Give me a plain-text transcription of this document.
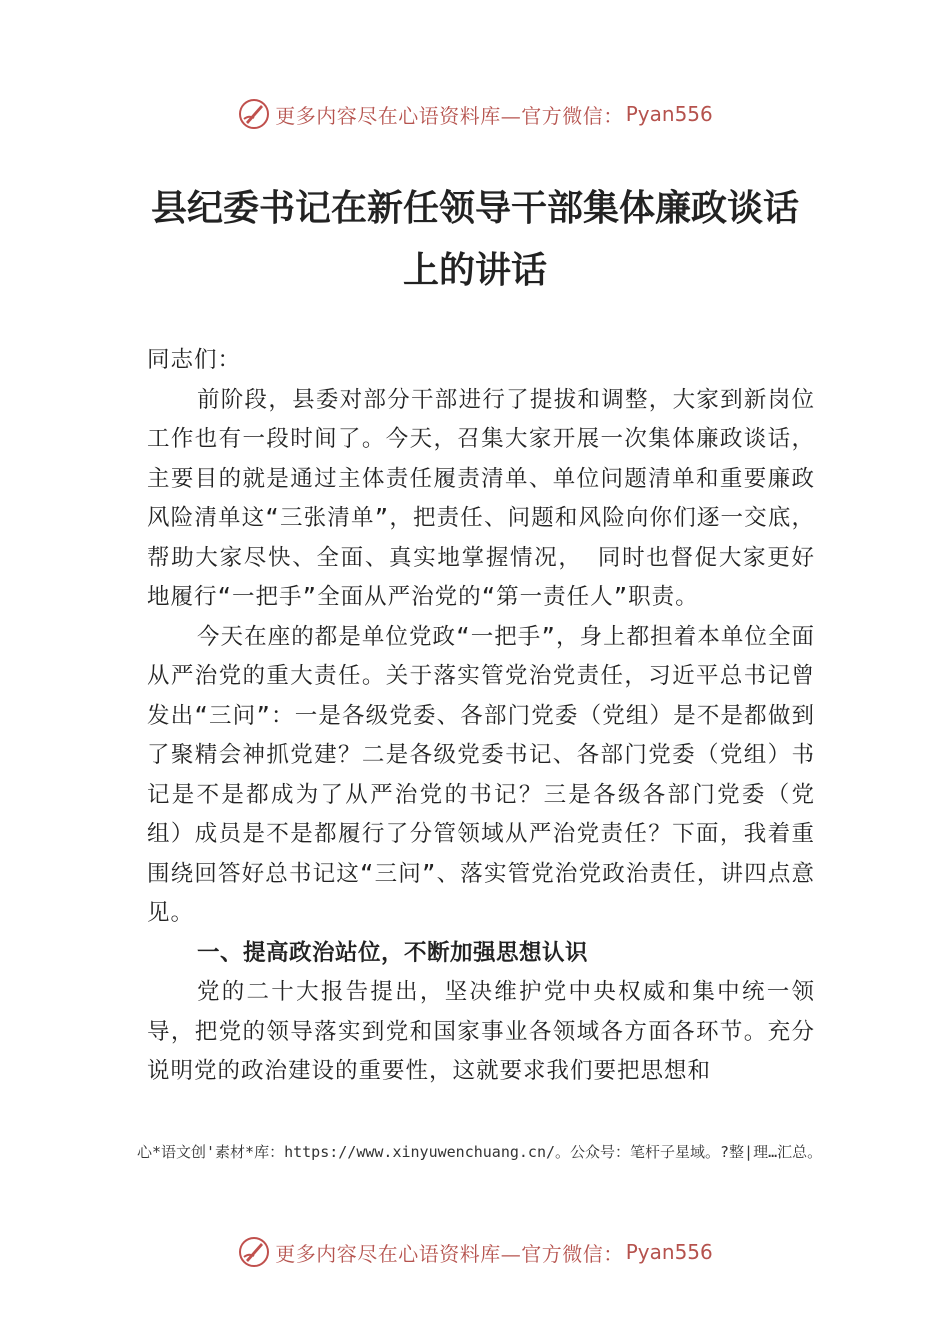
更多内容尽在心语资料库—官方微信： Pyan556
县纪委书记在新任领导干部集体廉政谈话
上的讲话

同志们：

前阶段，县委对部分干部进行了提拔和调整，大家到新岗位工作也有一段时间了。今天，召集大家开展一次集体廉政谈话，主要目的就是通过主体责任履责清单、单位问题清单和重要廉政风险清单这“三张清单”，把责任、问题和风险向你们逐一交底，帮助大家尽快、全面、真实地掌握情况， 同时也督促大家更好地履行“一把手”全面从严治党的“第一责任人”职责。

今天在座的都是单位党政“一把手”，身上都担着本单位全面从严治党的重大责任。关于落实管党治党责任，习近平总书记曾发出“三问”：一是各级党委、各部门党委（党组）是不是都做到了聚精会神抓党建？二是各级党委书记、各部门党委（党组）书记是不是都成为了从严治党的书记？三是各级各部门党委（党组）成员是不是都履行了分管领域从严治党责任？下面，我着重围绕回答好总书记这“三问”、落实管党治党政治责任，讲四点意见。

一、提高政治站位，不断加强思想认识

党的二十大报告提出，坚决维护党中央权威和集中统一领导，把党的领导落实到党和国家事业各领域各方面各环节。充分说明党的政治建设的重要性，这就要求我们要把思想和

心*语文创'素材*库：https://www.xinyuwenchuang.cn/。公众号：笔杆子星域。?整|理…汇总。
更多内容尽在心语资料库—官方微信： Pyan556
